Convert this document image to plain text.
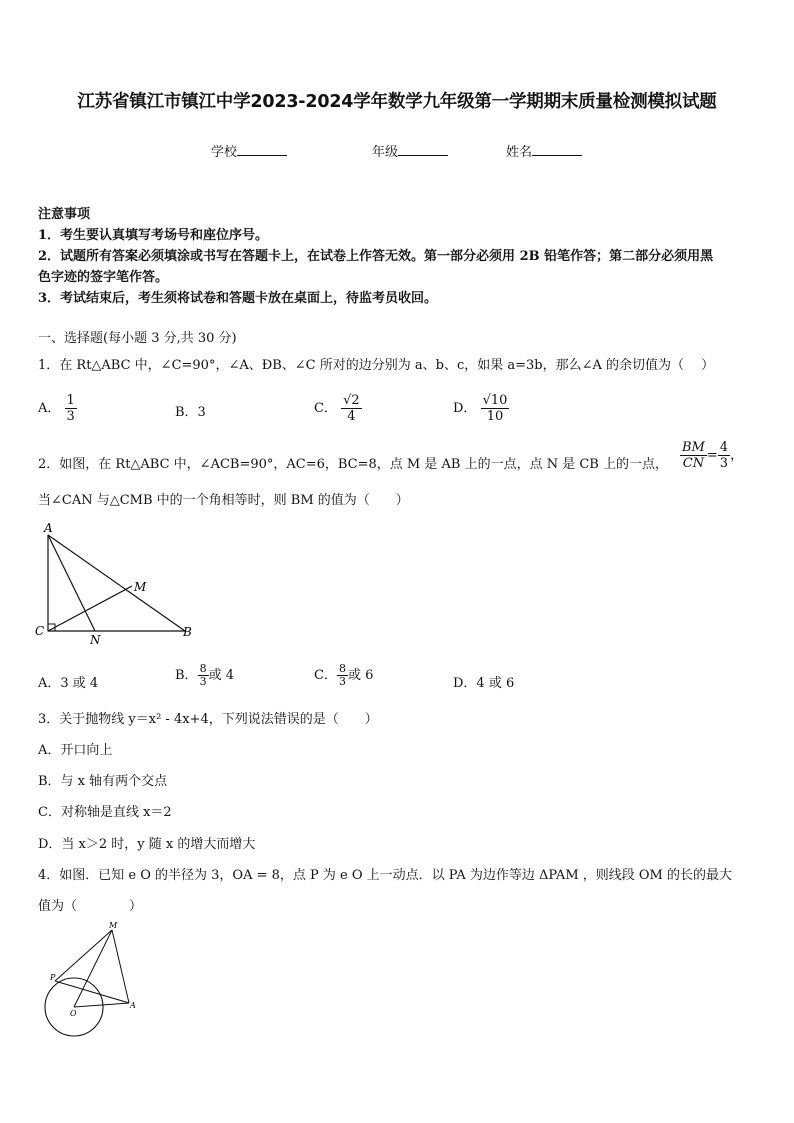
江苏省镇江市镇江中学2023-2024学年数学九年级第一学期期末质量检测模拟试题
学校	年级	姓名
注意事项
1．考生要认真填写考场号和座位序号。
2．试题所有答案必须填涂或书写在答题卡上，在试卷上作答无效。第一部分必须用 2B 铅笔作答；第二部分必须用黑
色字迹的签字笔作答。
3．考试结束后，考生须将试卷和答题卡放在桌面上，待监考员收回。
一、选择题(每小题 3 分,共 30 分)
1．在 Rt△ABC 中，∠C=90°，∠A、ÐB、∠C 所对的边分别为 a、b、c，如果 a=3b，那么∠A 的余切值为（　 ）
A． $\frac{1}{3}$	B．3	C． $\frac{√2}{4}$	D． $\frac{√10}{10}$
2．如图，在 Rt△ABC 中，∠ACB=90°，AC=6，BC=8，点 M 是 AB 上的一点，点 N 是 CB 上的一点， $\frac{BM}{CN} = \frac{4}{3}$ ，
当∠CAN 与△CMB 中的一个角相等时，则 BM 的值为（　　）
A
C	B
M
N
A．3 或 4
B． $\frac{8}{3}$ 或 4	C． $\frac{8}{3}$ 或 6
D．4 或 6
3．关于抛物线 y＝x² - 4x+4，下列说法错误的是（　　）
A．开口向上
B．与 x 轴有两个交点
C．对称轴是直线 x＝2
D．当 x＞2 时，y 随 x 的增大而增大
4．如图．已知 e O 的半径为 3，OA = 8，点 P 为 e O 上一动点．以 PA 为边作等边 ΔPAM ，则线段 OM 的长的最大
值为（　　　　）
M
P
O
A
